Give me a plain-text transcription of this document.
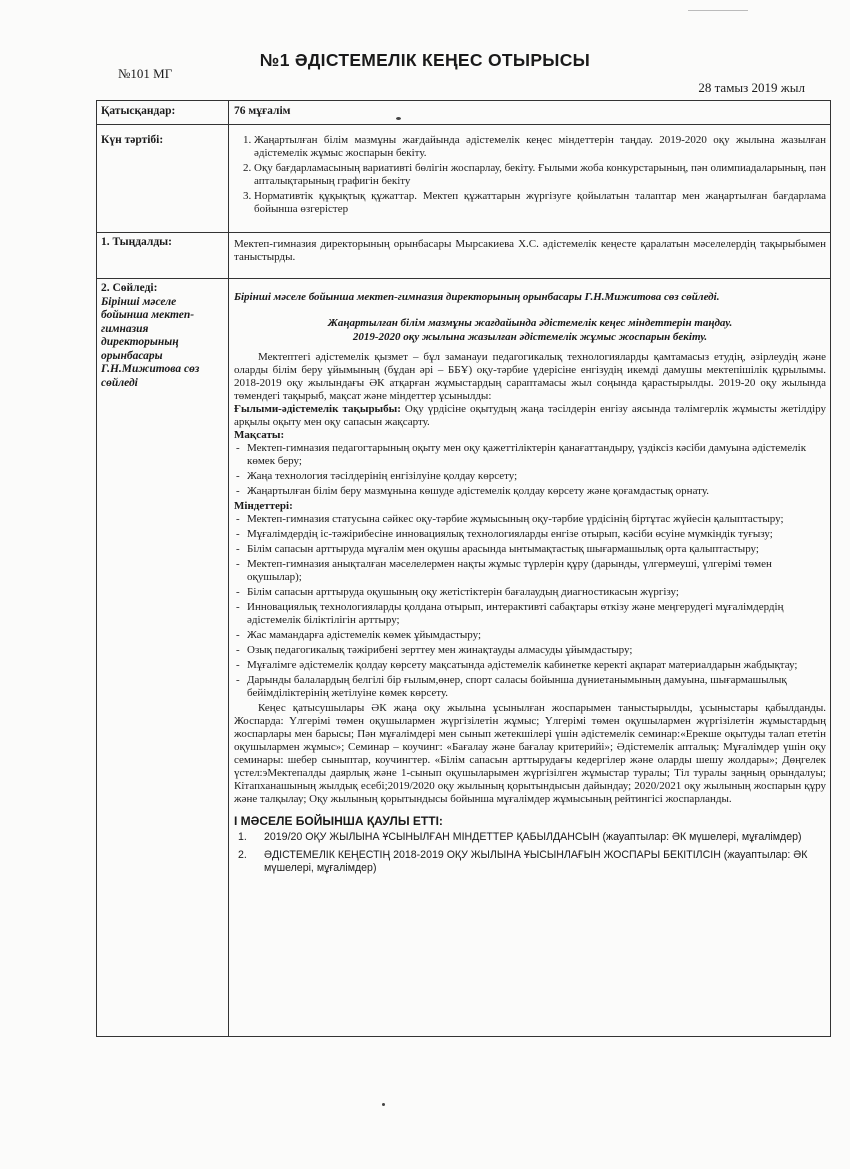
№1 ӘДІСТЕМЕЛІК КЕҢЕС ОТЫРЫСЫ
№101 МГ
28 тамыз 2019 жыл
Қатысқандар:	76 мұғалім
Күн тәртібі:
1.	Жаңартылған білім мазмұны жағдайында әдістемелік кеңес міндеттерін таңдау. 2019-2020 оқу жылына жазылған әдістемелік жұмыс жоспарын бекіту.
2. Оқу бағдарламасының вариативті бөлігін жоспарлау, бекіту. Ғылыми жоба конкурстарының, пән олимпиадаларының, пән апталықтарының графигін бекіту
3. Нормативтік құқықтық құжаттар. Мектеп құжаттарын жүргізуге қойылатын талаптар мен жаңартылған бағдарлама бойынша өзгерістер
1. Тыңдалды:	Мектеп-гимназия директорының орынбасары Мырсакиева Х.С. әдістемелік кеңесте қаралатын мәселелердің тақырыбымен таныстырды.
2. Сөйледі:
Бірінші мәселе бойынша мектеп-гимназия директорының орынбасары Г.Н.Мижитова сөз сөйледі
Бірінші мәселе бойынша мектеп-гимназия директорының орынбасары Г.Н.Мижитова сөз сөйледі.
Жаңартылған білім мазмұны жағдайында әдістемелік кеңес міндеттерін таңдау.
2019-2020 оқу жылына жазылған әдістемелік жұмыс жоспарын бекіту.

Мектептегі әдістемелік қызмет – бұл заманауи педагогикалық технологияларды қамтамасыз етудің, әзірлеудің және оларды білім беру ұйымының (бұдан әрі – ББҰ) оқу-тәрбие үдерісіне енгізудің икемді дамушы мектепішілік құрылымы. 2018-2019 оқу жылындағы ӘК атқарған жұмыстардың сараптамасы жыл соңында қарастырылды. 2019-20 оқу жылында төмендегі тақырыб, мақсат және міндеттер ұсынылды:

Ғылыми-әдістемелік тақырыбы: Оқу үрдісіне оқытудың жаңа тәсілдерін енгізу аясында тәлімгерлік жұмысты жетілдіру арқылы оқыту мен оқу сапасын жақсарту.

Мақсаты:

- Мектеп-гимназия педагогтарының оқыту мен оқу қажеттіліктерін қанағаттандыру, үздіксіз кәсіби дамуына әдістемелік көмек беру;
- Жаңа технология тәсілдерінің енгізілуіне қолдау көрсету;
- Жаңартылған білім беру мазмұнына көшуде әдістемелік қолдау көрсету және қоғамдастық орнату.

Міндеттері:

- Мектеп-гимназия статусына сәйкес оқу-тәрбие жұмысының оқу-тәрбие үрдісінің біртұтас жүйесін қалыптастыру;
- Мұғалімдердің іс-тәжірибесіне инновациялық технологияларды енгізе отырып, кәсіби өсуіне мүмкіндік туғызу;
- Білім сапасын арттыруда мұғалім мен оқушы арасында ынтымақтастық шығармашылық орта қалыптастыру;
- Мектеп-гимназия анықталған мәселелермен нақты жұмыс түрлерін құру (дарынды, үлгермеуші, үлгерімі төмен оқушылар);
- Білім сапасын арттыруда оқушының оқу жетістіктерін бағалаудың диагностикасын жүргізу;
- Инновациялық технологияларды қолдана отырып, интерактивті сабақтары өткізу және меңгерудегі мұғалімдердің әдістемелік біліктілігін арттыру;
- Жас мамандарға әдістемелік көмек ұйымдастыру;
- Озық педагогикалық тәжірибені зерттеу мен жинақтауды алмасуды ұйымдастыру;
- Мұғалімге әдістемелік қолдау көрсету мақсатында әдістемелік кабинетке керекті ақпарат материалдарын жабдықтау;
- Дарынды балалардың белгілі бір ғылым,өнер, спорт саласы бойынша дүниетанымының дамуына, шығармашылық бейімділіктерінің жетілуіне көмек көрсету.

Кеңес қатысушылары ӘК жаңа оқу жылына ұсынылған жоспарымен таныстырылды, ұсыныстары қабылданды. Жоспарда: Үлгерімі төмен оқушылармен жүргізілетін жұмыс; Үлгерімі төмен оқушылармен жүргізілетін жұмыстардың жоспарлары мен барысы; Пән мұғалімдері мен сынып жетекшілері үшін әдістемелік семинар:«Ерекше оқытуды талап ететін оқушылармен жұмыс»; Семинар – коучинг: «Бағалау және бағалау критерийі»; Әдістемелік апталық: Мұғалімдер үшін оқу семинары: шебер сыныптар, коучингтер. «Білім сапасын арттырудағы кедергілер және оларды шешу жолдары»; Дөңгелек үстел:эМектепалды даярлық және 1-сынып оқушыларымен жүргізілген жұмыстар туралы; Тіл туралы заңның орындалуы; Кітапханашының жылдық есебі;2019/2020 оқу жылының қорытындысын дайындау; 2020/2021 оқу жылының жоспарын құру және талқылау; Оқу жылының қорытындысы бойынша мұғалімдер жұмысының рейтингісі жоспарланды.

І МӘСЕЛЕ БОЙЫНША ҚАУЛЫ ЕТТІ:

1. 2019/20 ОҚУ ЖЫЛЫНА ҰСЫНЫЛҒАН МІНДЕТТЕР ҚАБЫЛДАНСЫН (жауаптылар: ӘК мүшелері, мұғалімдер)
2. ӘДІСТЕМЕЛІК КЕҢЕСТІҢ 2018-2019 ОҚУ ЖЫЛЫНА ҰЫСЫНЛАҒЫН ЖОСПАРЫ БЕКІТІЛСІН (жауаптылар: ӘК мүшелері, мұғалімдер)
